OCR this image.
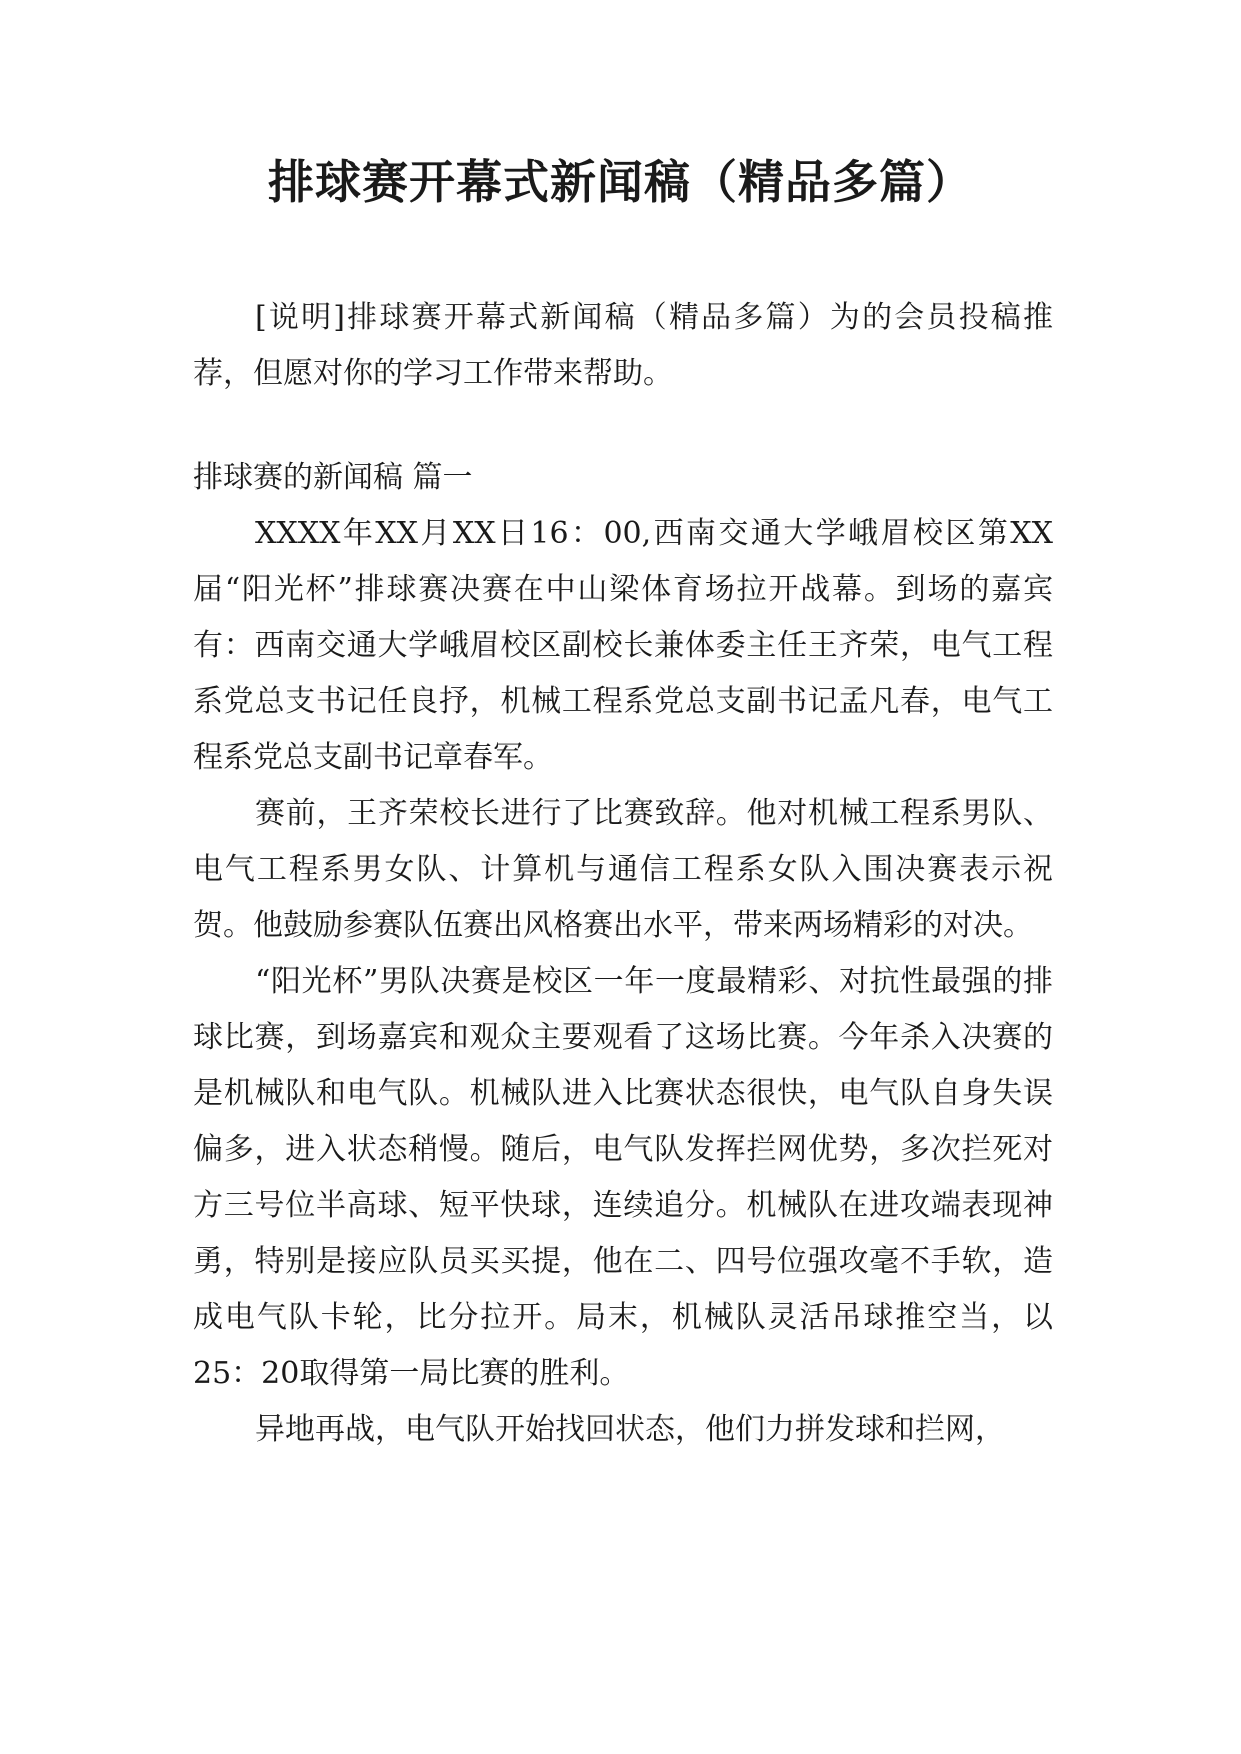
排球赛开幕式新闻稿（精品多篇）

[说明]排球赛开幕式新闻稿（精品多篇）为的会员投稿推荐，但愿对你的学习工作带来帮助。

排球赛的新闻稿 篇一

XXXX年XX月XX日16：00,西南交通大学峨眉校区第XX届“阳光杯”排球赛决赛在中山梁体育场拉开战幕。到场的嘉宾有：西南交通大学峨眉校区副校长兼体委主任王齐荣，电气工程系党总支书记任良抒，机械工程系党总支副书记孟凡春，电气工程系党总支副书记章春军。

赛前，王齐荣校长进行了比赛致辞。他对机械工程系男队、电气工程系男女队、计算机与通信工程系女队入围决赛表示祝贺。他鼓励参赛队伍赛出风格赛出水平，带来两场精彩的对决。

“阳光杯”男队决赛是校区一年一度最精彩、对抗性最强的排球比赛，到场嘉宾和观众主要观看了这场比赛。今年杀入决赛的是机械队和电气队。机械队进入比赛状态很快，电气队自身失误偏多，进入状态稍慢。随后，电气队发挥拦网优势，多次拦死对方三号位半高球、短平快球，连续追分。机械队在进攻端表现神勇，特别是接应队员买买提，他在二、四号位强攻毫不手软，造成电气队卡轮，比分拉开。局末，机械队灵活吊球推空当，以25：20取得第一局比赛的胜利。

异地再战，电气队开始找回状态，他们力拼发球和拦网，
